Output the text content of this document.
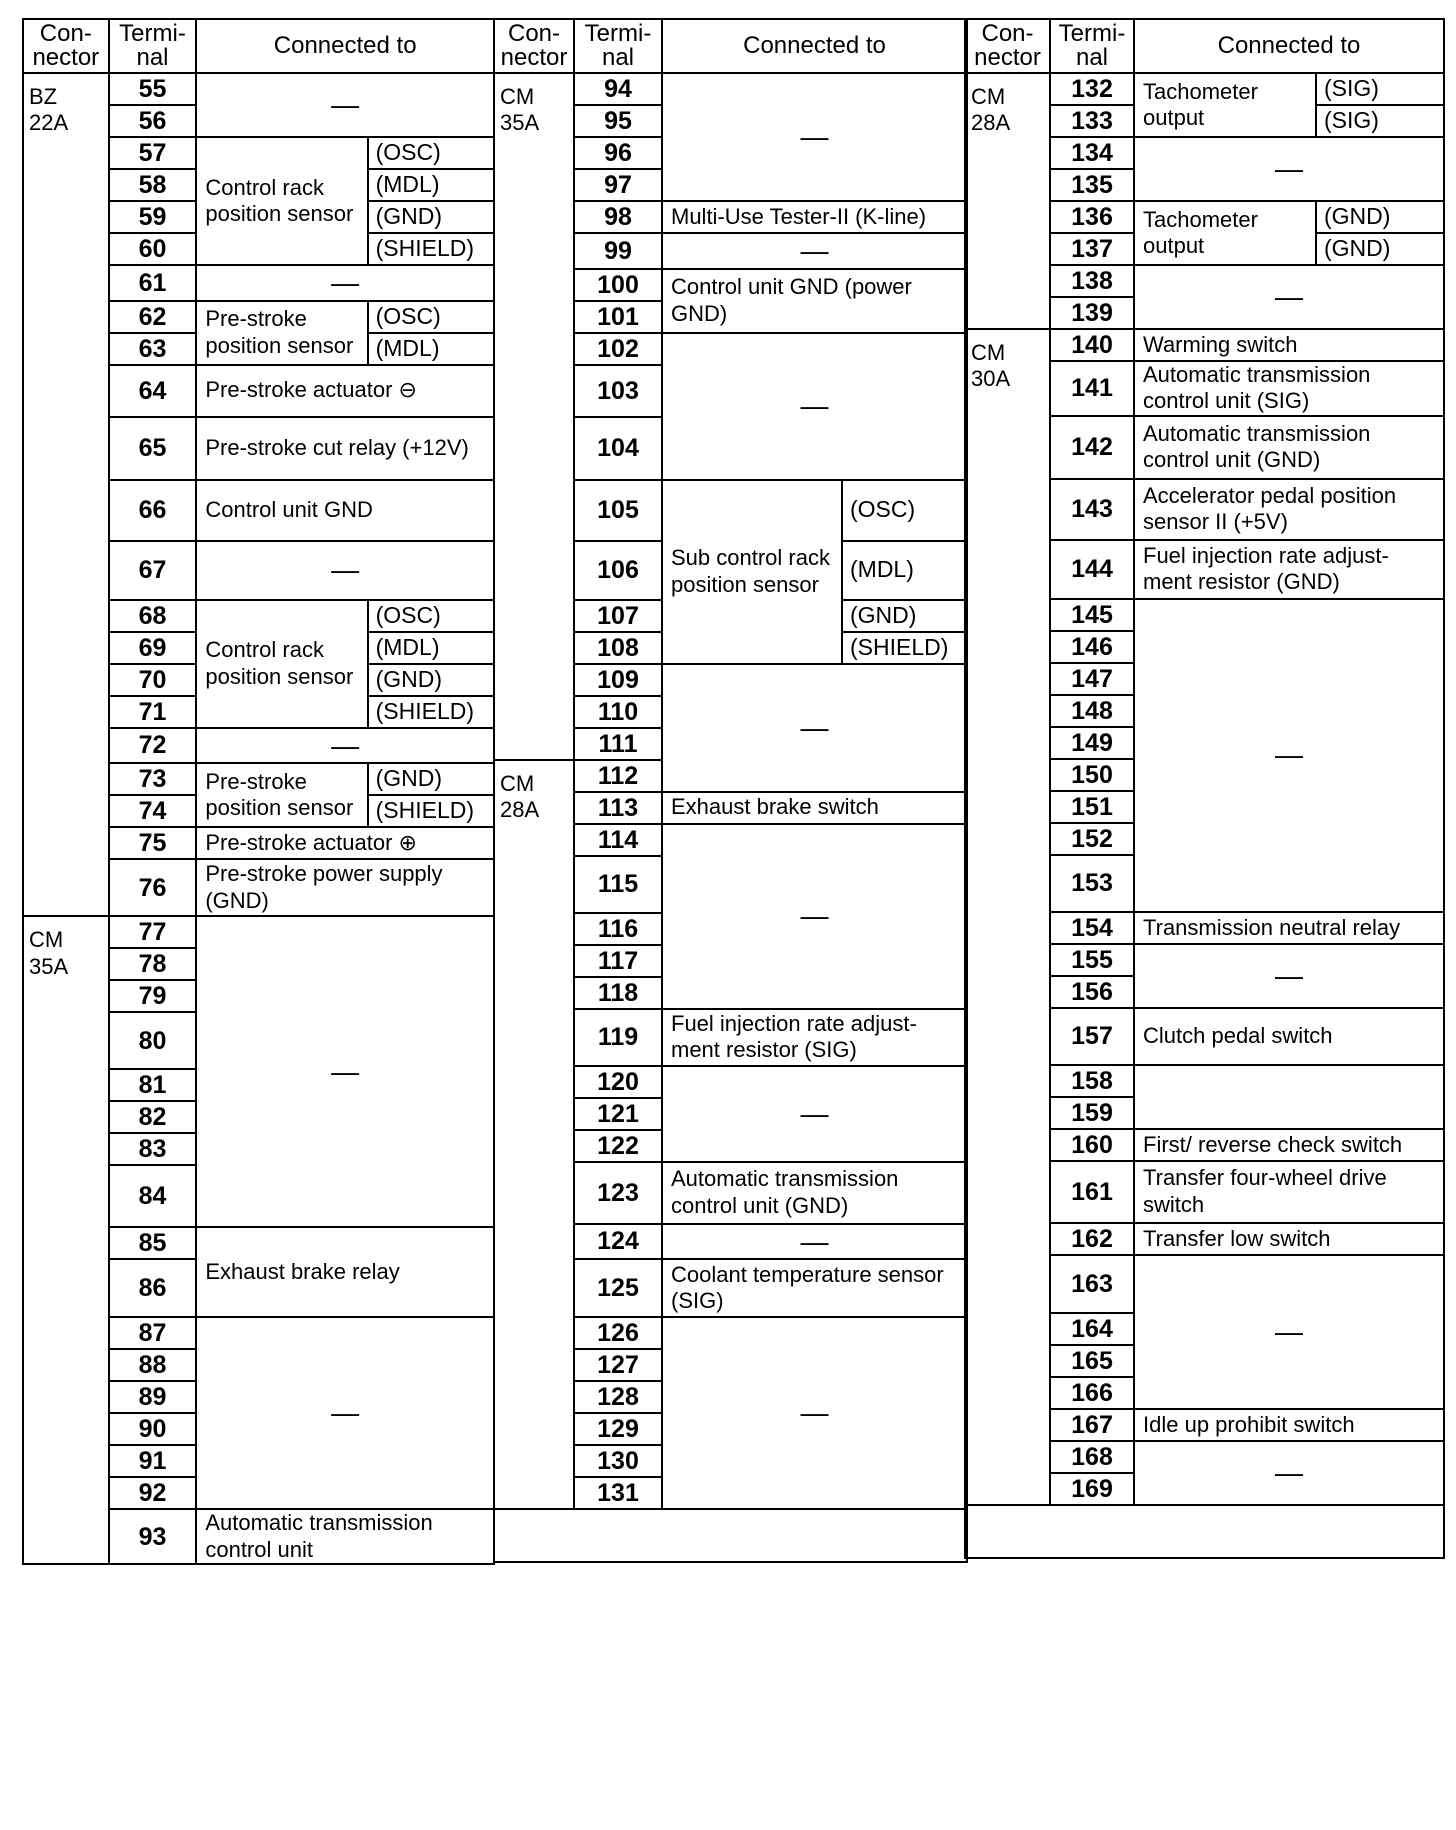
Con-
nector	Termi-
nal	Connected to	
BZ
22A	55	—	
	56		
	57	Control rack position sensor	(OSC)
	58		(MDL)
	59		(GND)
	60		(SHIELD)
	61	—	
	62	Pre-stroke
position sensor	(OSC)
	63		(MDL)
	64	Pre-stroke actuator ⊖	
	65	Pre-stroke cut relay (+12V)	
	66	Control unit GND	
	67	—	
	68	Control rack
position sensor	(OSC)
	69		(MDL)
	70		(GND)
	71		(SHIELD)
	72	—	
	73	Pre-stroke
position sensor	(GND)
	74		(SHIELD)
	75	Pre-stroke actuator ⊕	
	76	Pre-stroke power supply (GND)	
CM
35A	77	—	
	78		
	79		
	80		
	81		
	82		
	83		
	84		
	85	Exhaust brake relay	
	86		
	87	—	
	88		
	89		
	90		
	91		
	92		
	93	Automatic transmission control unit	
Con-
nector	Termi-
nal	Connected to	
CM
35A	94	—	
	95		
	96		
	97		
	98	Multi-Use Tester-II (K-line)	
	99	—	
	100	Control unit GND (power GND)	
	101		
	102	—	
	103		
	104		
	105	Sub control rack position sensor	(OSC)
	106		(MDL)
	107		(GND)
	108		(SHIELD)
	109	—	
	110		
	111		
CM
28A	112		
	113	Exhaust brake switch	
	114	—	
	115		
	116		
	117		
	118		
	119	Fuel injection rate adjust-
ment resistor (SIG)	
	120	—	
	121		
	122		
	123	Automatic transmission control unit (GND)	
	124	—	
	125	Coolant temperature sensor (SIG)	
	126	—	
	127		
	128		
	129		
	130		
	131		
Con-
nector	Termi-
nal	Connected to	
CM
28A	132	Tachometer output	(SIG)
	133		(SIG)
	134	—	
	135		
	136	Tachometer output	(GND)
	137		(GND)
	138	—	
	139		
CM
30A	140	Warming switch	
	141	Automatic transmission control unit (SIG)	
	142	Automatic transmission control unit (GND)	
	143	Accelerator pedal position sensor II (+5V)	
	144	Fuel injection rate adjust-
ment resistor (GND)	
	145	—	
	146		
	147		
	148		
	149		
	150		
	151		
	152		
	153		
	154	Transmission neutral relay	
	155	—	
	156		
	157	Clutch pedal switch	
	158		
	159		
	160	First/ reverse check switch	
	161	Transfer four-wheel drive switch	
	162	Transfer low switch	
	163	—	
	164		
	165		
	166		
	167	Idle up prohibit switch	
	168	—	
	169		
